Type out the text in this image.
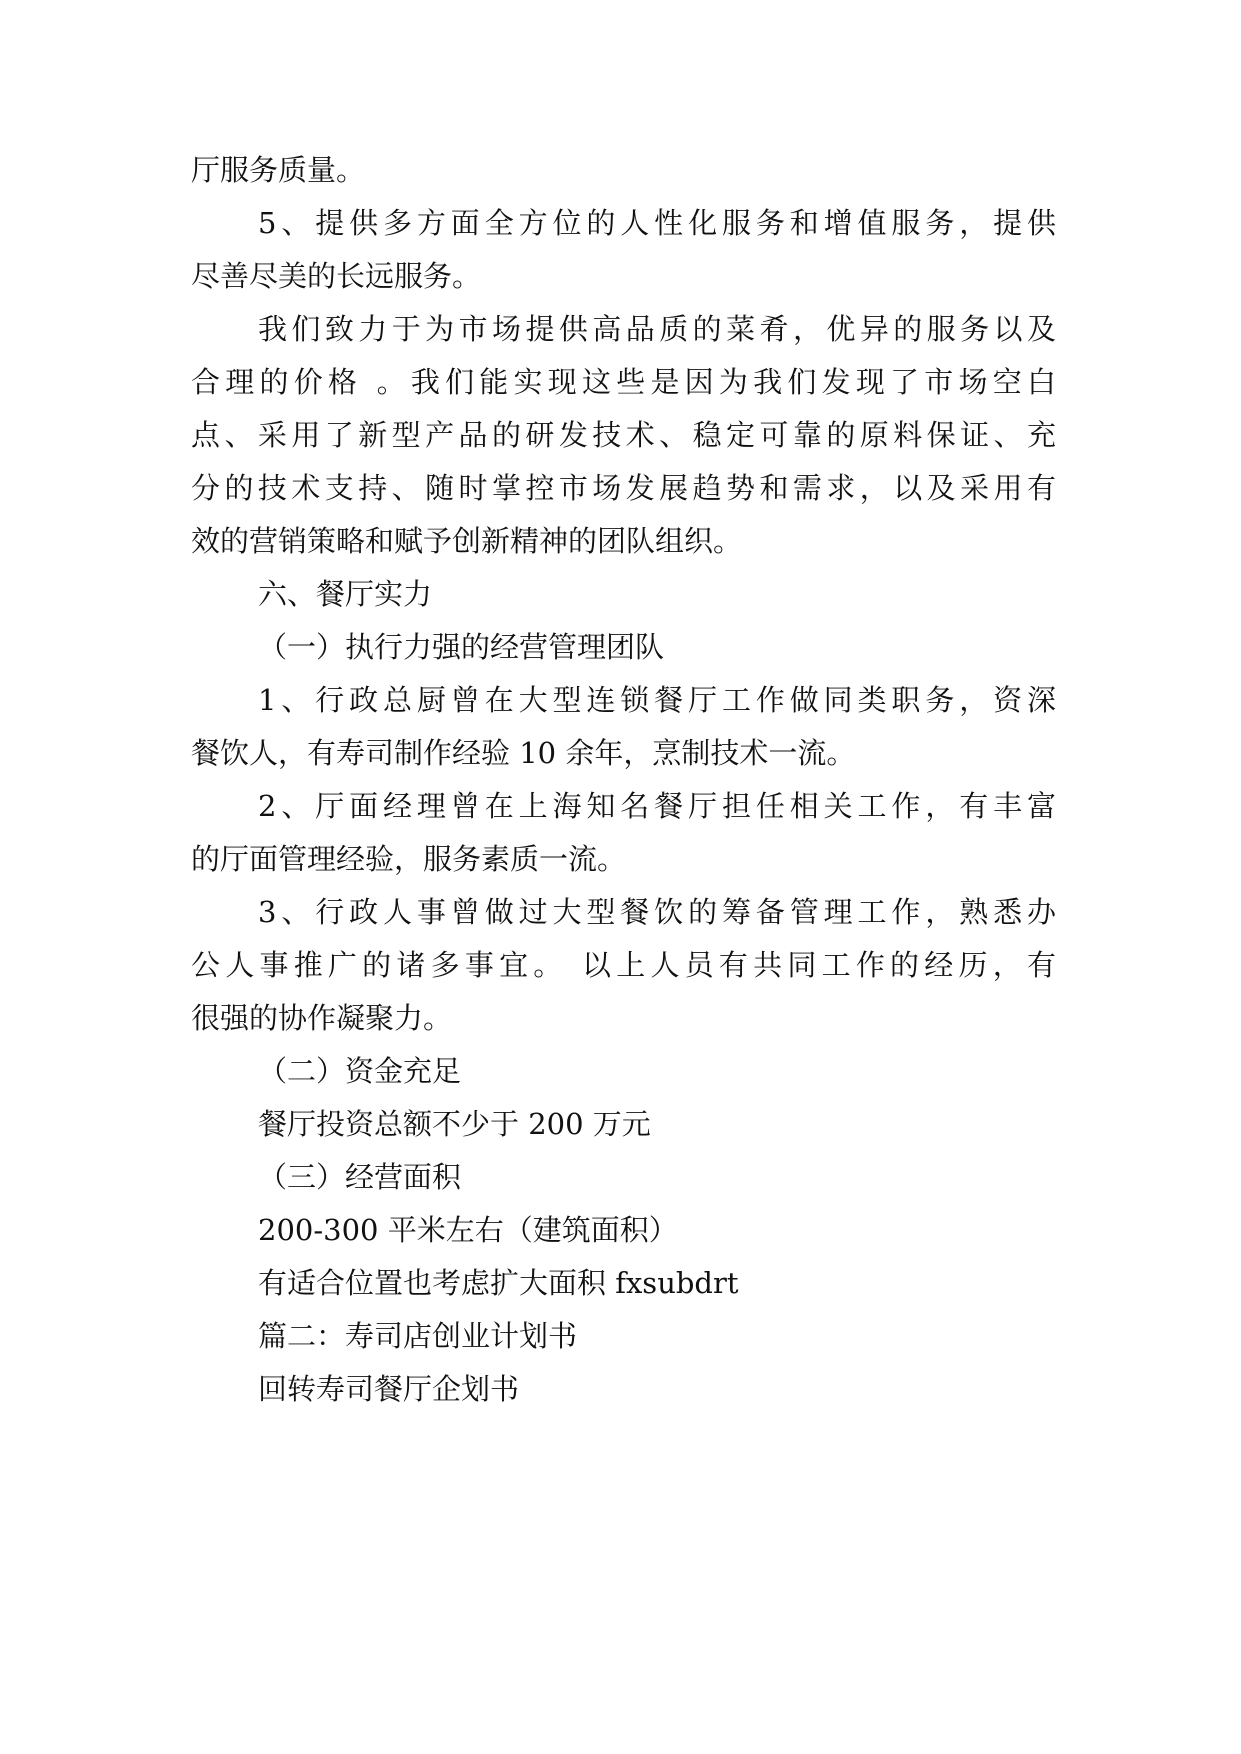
厅服务质量。
5、提供多方面全方位的人性化服务和增值服务，提供
尽善尽美的长远服务。
我们致力于为市场提供高品质的菜肴，优异的服务以及
合理的价格 。我们能实现这些是因为我们发现了市场空白
点、采用了新型产品的研发技术、稳定可靠的原料保证、充
分的技术支持、随时掌控市场发展趋势和需求，以及采用有
效的营销策略和赋予创新精神的团队组织。
六、餐厅实力
（一）执行力强的经营管理团队
1、行政总厨曾在大型连锁餐厅工作做同类职务，资深
餐饮人，有寿司制作经验 10 余年，烹制技术一流。
2、厅面经理曾在上海知名餐厅担任相关工作，有丰富
的厅面管理经验，服务素质一流。
3、行政人事曾做过大型餐饮的筹备管理工作，熟悉办
公人事推广的诸多事宜。 以上人员有共同工作的经历，有
很强的协作凝聚力。
（二）资金充足
餐厅投资总额不少于 200 万元
（三）经营面积
200-300 平米左右（建筑面积）
有适合位置也考虑扩大面积 fxsubdrt
篇二：寿司店创业计划书
回转寿司餐厅企划书
